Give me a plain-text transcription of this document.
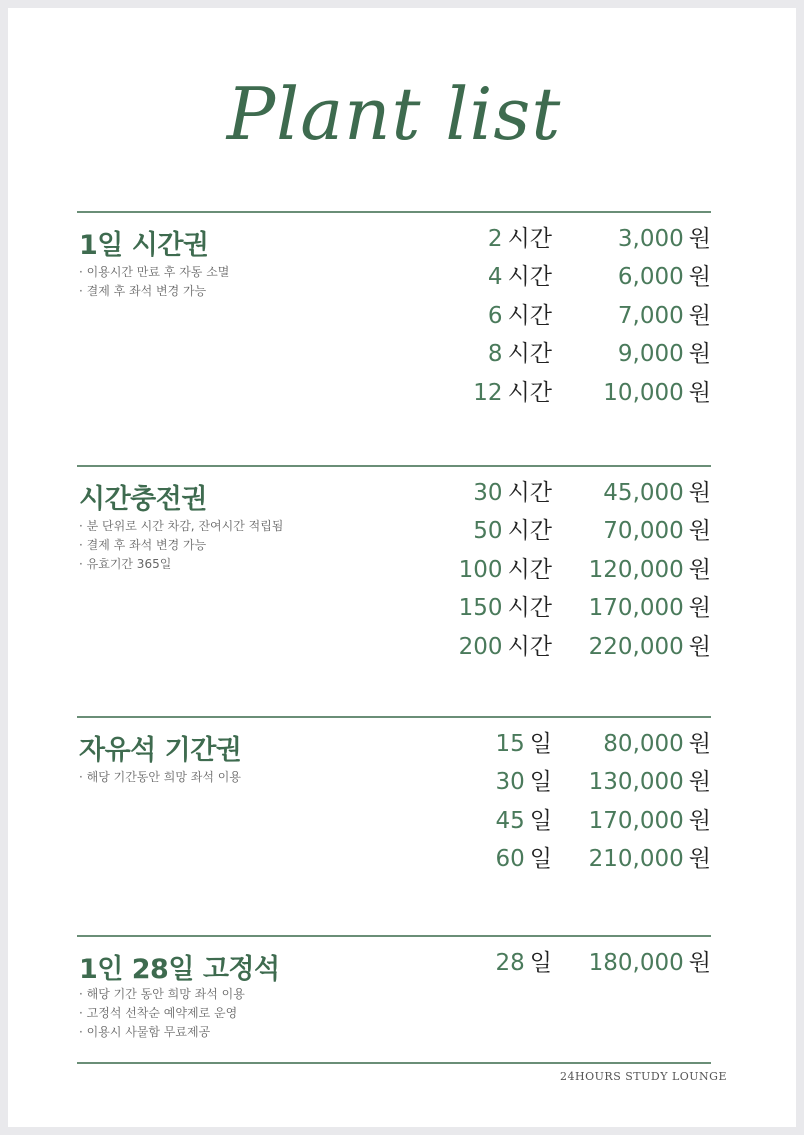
Plant list
1일 시간권
· 이용시간 만료 후 자동 소멸
· 결제 후 좌석 변경 가능
2 시간	3,000 원
4 시간	6,000 원
6 시간	7,000 원
8 시간	9,000 원
12 시간 10,000 원
시간충전권
· 분 단위로 시간 차감, 잔여시간 적립됨
· 결제 후 좌석 변경 가능
· 유효기간 365일
30 시간 45,000 원
50 시간 70,000 원
100 시간 120,000 원
150 시간 170,000 원
200 시간 220,000 원
자유석 기간권
· 해당 기간동안 희망 좌석 이용
15 일 80,000 원
30 일 130,000 원
45 일 170,000 원
60 일 210,000 원
1인 28일 고정석
· 해당 기간 동안 희망 좌석 이용
· 고정석 선착순 예약제로 운영
· 이용시 사물함 무료제공
28 일 180,000 원
24HOURS STUDY LOUNGE
